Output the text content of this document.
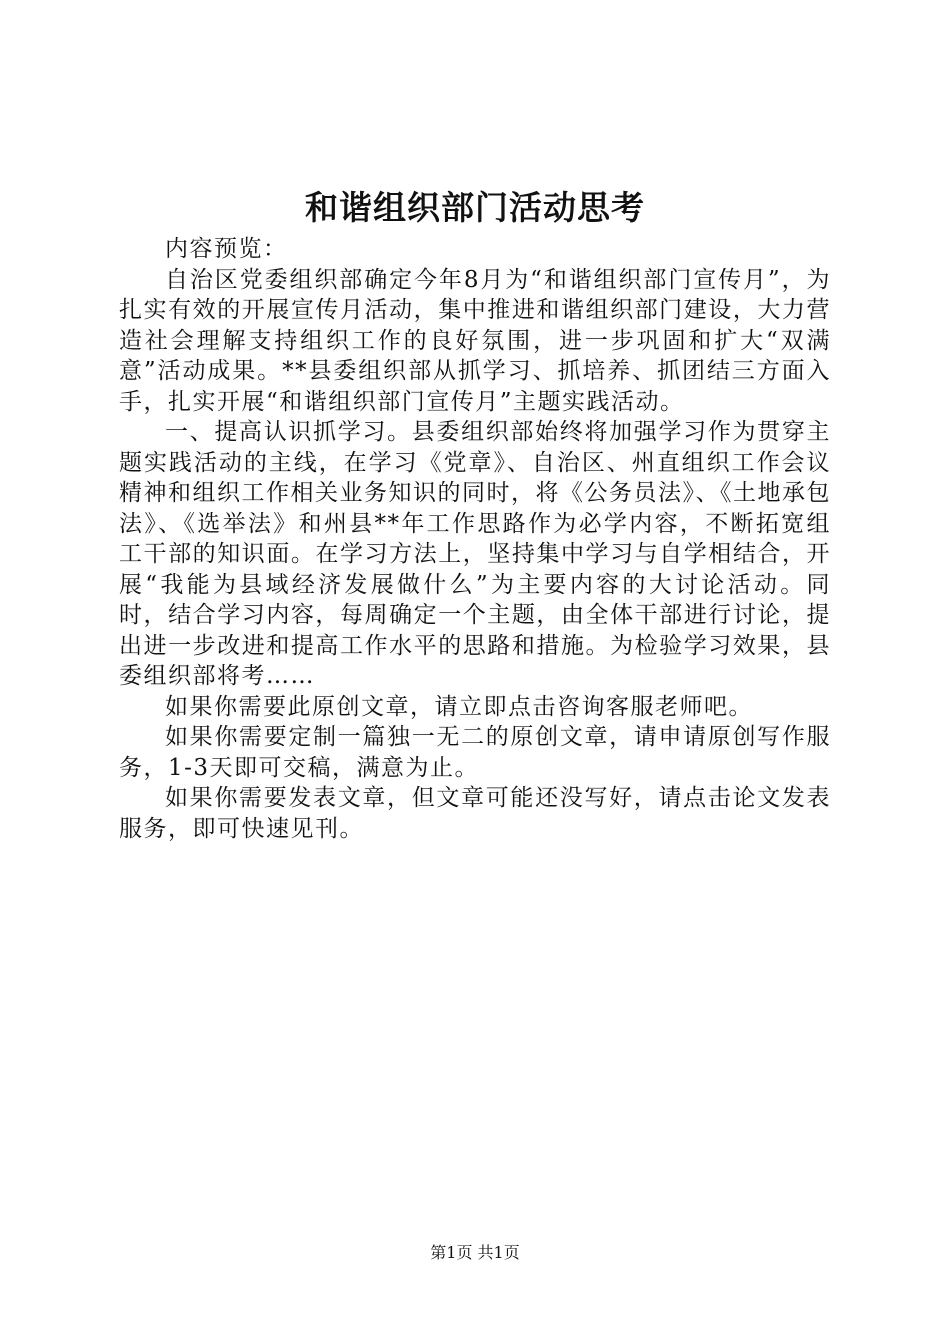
和谐组织部门活动思考

内容预览：

自治区党委组织部确定今年8月为“和谐组织部门宣传月”，为扎实有效的开展宣传月活动，集中推进和谐组织部门建设，大力营造社会理解支持组织工作的良好氛围，进一步巩固和扩大“双满意”活动成果。**县委组织部从抓学习、抓培养、抓团结三方面入手，扎实开展“和谐组织部门宣传月”主题实践活动。

一、提高认识抓学习。县委组织部始终将加强学习作为贯穿主题实践活动的主线，在学习《党章》、自治区、州直组织工作会议精神和组织工作相关业务知识的同时，将《公务员法》、《土地承包法》、《选举法》和州县**年工作思路作为必学内容，不断拓宽组工干部的知识面。在学习方法上，坚持集中学习与自学相结合，开展“我能为县域经济发展做什么”为主要内容的大讨论活动。同时，结合学习内容，每周确定一个主题，由全体干部进行讨论，提出进一步改进和提高工作水平的思路和措施。为检验学习效果，县委组织部将考……

如果你需要此原创文章，请立即点击咨询客服老师吧。

如果你需要定制一篇独一无二的原创文章，请申请原创写作服务，1-3天即可交稿，满意为止。

如果你需要发表文章，但文章可能还没写好，请点击论文发表服务，即可快速见刊。

第1页 共1页
